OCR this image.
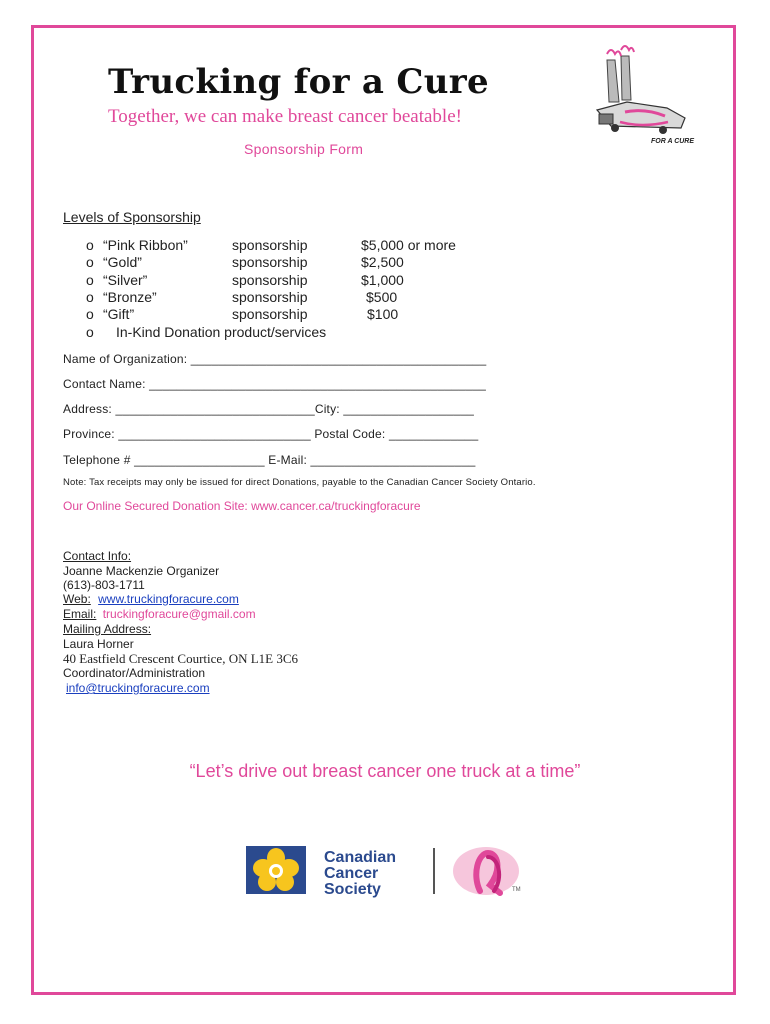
Trucking for a Cure
Together, we can make breast cancer beatable!
Sponsorship Form	FOR A CURE
Levels of Sponsorship
o “Pink Ribbon”	sponsorship	$5,000 or more
o “Gold”	sponsorship	$2,500
o “Silver”	sponsorship	$1,000
o “Bronze”	sponsorship	$500
o “Gift”	sponsorship	$100
o In-Kind Donation product/services
Name of Organization: ___________________________________________
Contact Name: _________________________________________________
Address: _____________________________City: ___________________
Province: ____________________________ Postal Code: _____________
Telephone # ___________________ E-Mail: ________________________
Note: Tax receipts may only be issued for direct Donations, payable to the Canadian Cancer Society Ontario.
Our Online Secured Donation Site: www.cancer.ca/truckingforacure
Contact Info:
Joanne Mackenzie Organizer
(613)-803-1711
Web: www.truckingforacure.com
Email: truckingforacure@gmail.com
Mailing Address:
Laura Horner
40 Eastfield Crescent Courtice, ON L1E 3C6
Coordinator/Administration
info@truckingforacure.com
“Let’s drive out breast cancer one truck at a time”
Canadian
Cancer
Society	TM
